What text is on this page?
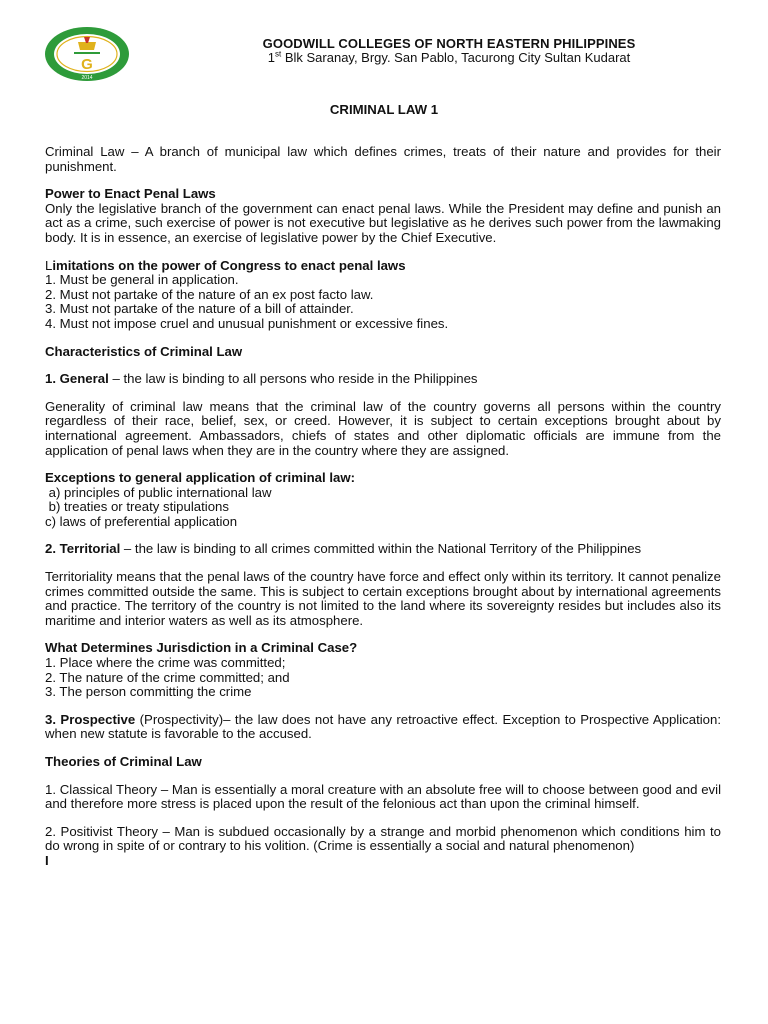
G
2014
GOODWILL COLLEGES OF NORTH EASTERN PHILIPPINES
1st Blk Saranay, Brgy. San Pablo, Tacurong City Sultan Kudarat
CRIMINAL LAW 1

Criminal Law – A branch of municipal law which defines crimes, treats of their nature and provides for their punishment.

Power to Enact Penal Laws

Only the legislative branch of the government can enact penal laws. While the President may define and punish an act as a crime, such exercise of power is not executive but legislative as he derives such power from the lawmaking body. It is in essence, an exercise of legislative power by the Chief Executive.

Limitations on the power of Congress to enact penal laws

1. Must be general in application.
2. Must not partake of the nature of an ex post facto law.
3. Must not partake of the nature of a bill of attainder.
4. Must not impose cruel and unusual punishment or excessive fines.

Characteristics of Criminal Law

1. General – the law is binding to all persons who reside in the Philippines

Generality of criminal law means that the criminal law of the country governs all persons within the country regardless of their race, belief, sex, or creed. However, it is subject to certain exceptions brought about by international agreement. Ambassadors, chiefs of states and other diplomatic officials are immune from the application of penal laws when they are in the country where they are assigned.

Exceptions to general application of criminal law:

a) principles of public international law
b) treaties or treaty stipulations
c) laws of preferential application

2. Territorial – the law is binding to all crimes committed within the National Territory of the Philippines

Territoriality means that the penal laws of the country have force and effect only within its territory. It cannot penalize crimes committed outside the same. This is subject to certain exceptions brought about by international agreements and practice. The territory of the country is not limited to the land where its sovereignty resides but includes also its maritime and interior waters as well as its atmosphere.

What Determines Jurisdiction in a Criminal Case?

1. Place where the crime was committed;
2. The nature of the crime committed; and
3. The person committing the crime

3. Prospective (Prospectivity)– the law does not have any retroactive effect. Exception to Prospective Application: when new statute is favorable to the accused.

Theories of Criminal Law

1. Classical Theory – Man is essentially a moral creature with an absolute free will to choose between good and evil and therefore more stress is placed upon the result of the felonious act than upon the criminal himself.

2. Positivist Theory – Man is subdued occasionally by a strange and morbid phenomenon which conditions him to do wrong in spite of or contrary to his volition. (Crime is essentially a social and natural phenomenon)

I
